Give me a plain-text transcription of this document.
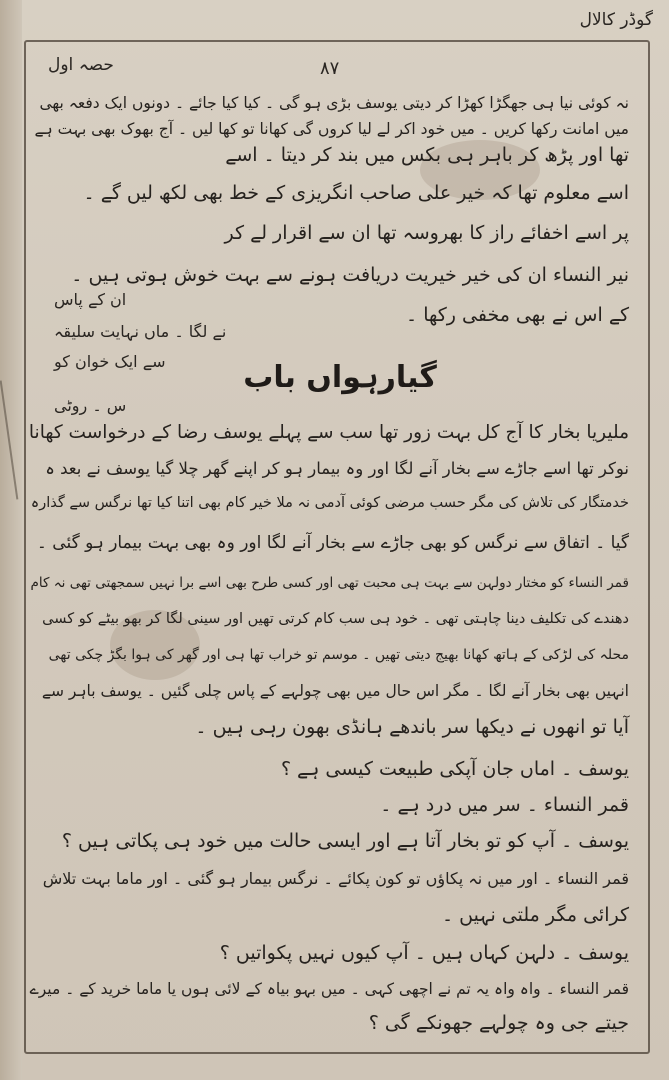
گوڈر کالال
حصہ اول	۸۷
نہ کوئی نیا ہی جھگڑا کھڑا کر دیتی یوسف بڑی ہو گی ۔ کیا کیا جائے ۔ دونوں ایک دفعہ بھی
میں امانت رکھا کریں ۔ میں خود اکر لے لیا کروں گی کھانا تو کھا لیں ۔ آج بھوک بھی بہت ہے
تھا اور پڑھ کر باہر ہی بکس میں بند کر دیتا ۔ اسے
اسے معلوم تھا کہ خیر علی صاحب انگریزی کے خط بھی لکھ لیں گے ۔
پر اسے اخفائے راز کا بھروسہ تھا ان سے اقرار لے کر
نیر النساء ان کی خیر خیریت دریافت ہونے سے بہت خوش ہوتی ہیں ۔
کے اس نے بھی مخفی رکھا ۔
ان کے پاس
نے لگا ۔ ماں نہایت سلیقہ
سے ایک خوان کو
س ۔ روٹی
گیارہواں باب
ملیریا بخار کا آج کل بہت زور تھا سب سے پہلے یوسف رضا کے درخواست کھانا
نوکر تھا اسے جاڑے سے بخار آنے لگا اور وہ بیمار ہو کر اپنے گھر چلا گیا یوسف نے بعد ہ
خدمتگار کی تلاش کی مگر حسب مرضی کوئی آدمی نہ ملا خیر کام بھی اتنا کیا تھا نرگس سے گذارہ
گیا ۔ اتفاق سے نرگس کو بھی جاڑے سے بخار آنے لگا اور وہ بھی بہت بیمار ہو گئی ۔
قمر النساء کو مختار دولہن سے بہت ہی محبت تھی اور کسی طرح بھی اسے برا نہیں سمجھتی تھی نہ کام
دھندے کی تکلیف دینا چاہتی تھی ۔ خود ہی سب کام کرتی تھیں اور سینی لگا کر بھو بیٹے کو کسی
محلہ کی لڑکی کے ہاتھ کھانا بھیج دیتی تھیں ۔ موسم تو خراب تھا ہی اور گھر کی ہوا بگڑ چکی تھی
انہیں بھی بخار آنے لگا ۔ مگر اس حال میں بھی چولہے کے پاس چلی گئیں ۔ یوسف باہر سے
آیا تو انھوں نے دیکھا سر باندھے ہانڈی بھون رہی ہیں ۔
یوسف ۔ اماں جان آپکی طبیعت کیسی ہے ؟
قمر النساء ۔ سر میں درد ہے ۔
یوسف ۔ آپ کو تو بخار آتا ہے اور ایسی حالت میں خود ہی پکاتی ہیں ؟
قمر النساء ۔ اور میں نہ پکاؤں تو کون پکائے ۔ نرگس بیمار ہو گئی ۔ اور ماما بہت تلاش
کرائی مگر ملتی نہیں ۔
یوسف ۔ دلہن کہاں ہیں ۔ آپ کیوں نہیں پکواتیں ؟
قمر النساء ۔ واہ واہ یہ تم نے اچھی کہی ۔ میں بہو بیاہ کے لائی ہوں یا ماما خرید کے ۔ میرے
جیتے جی وہ چولہے جھونکے گی ؟
